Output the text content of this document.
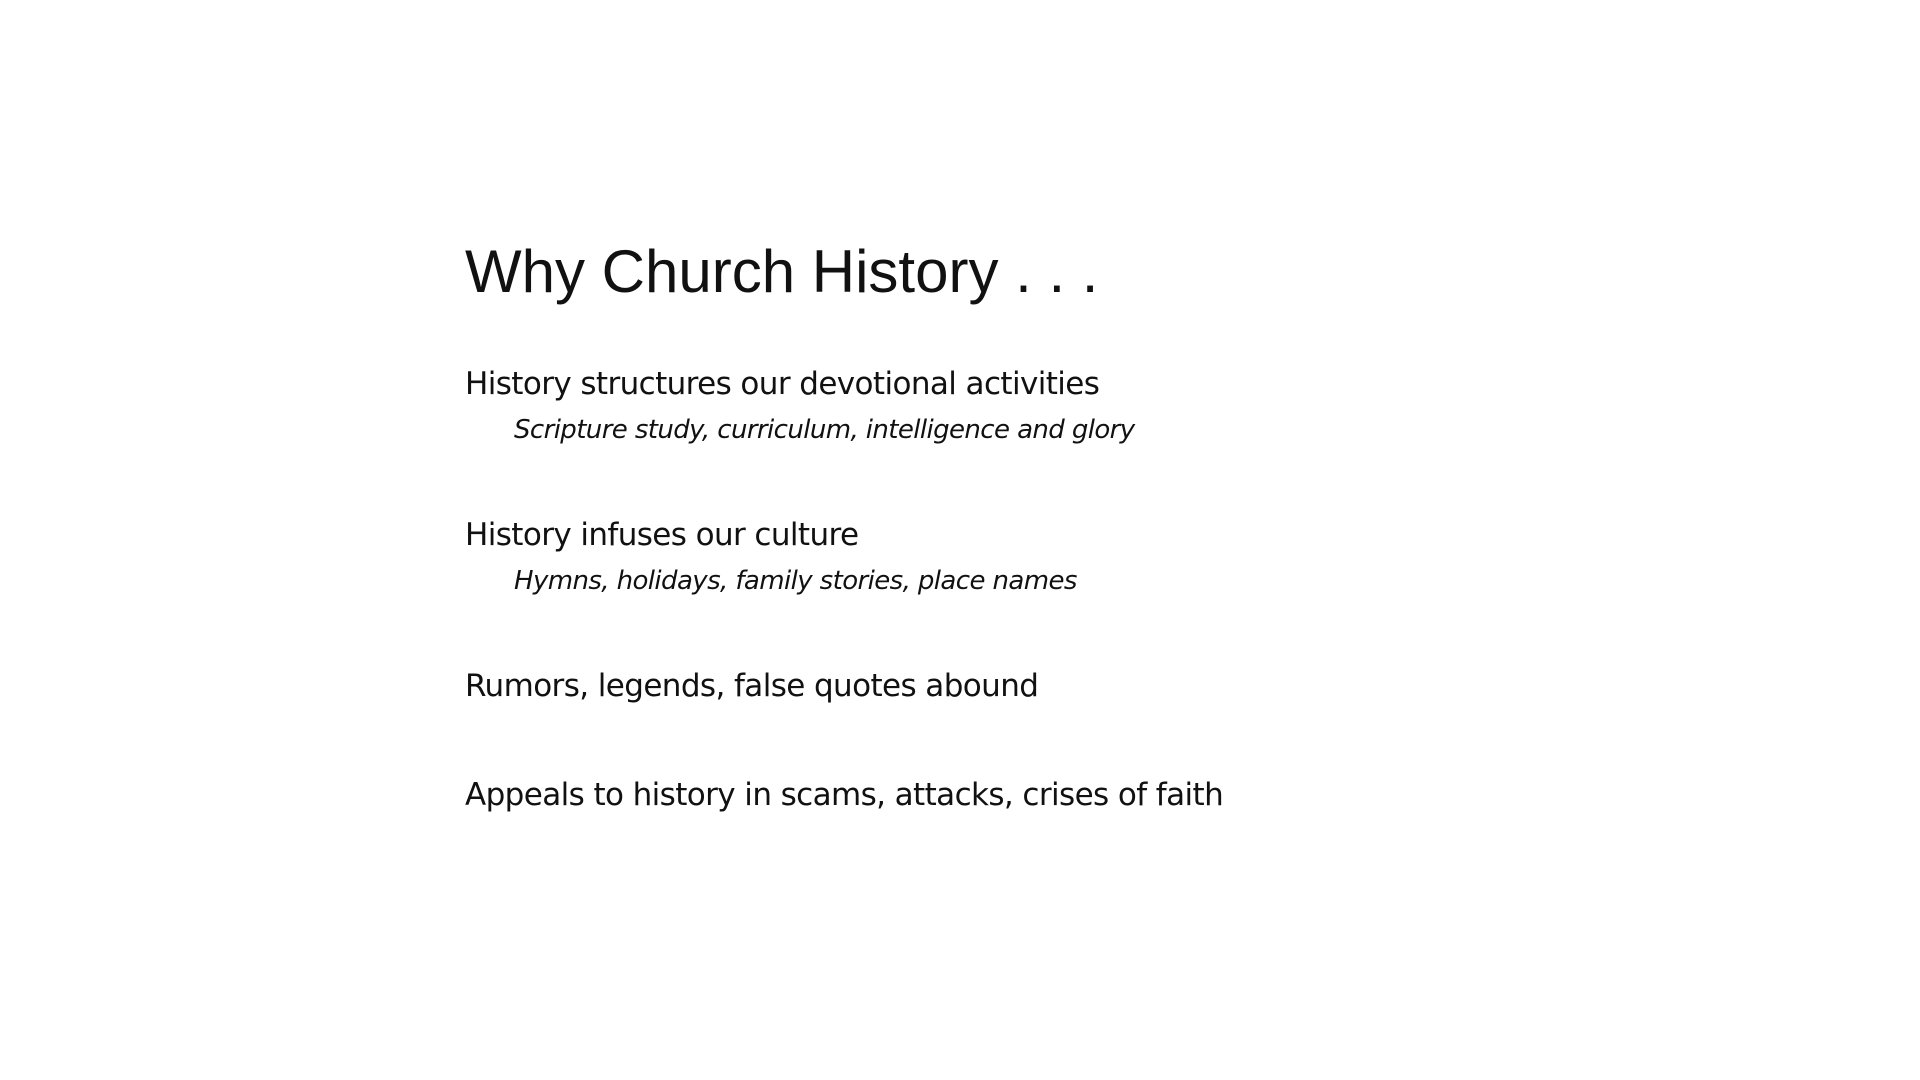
Why Church History . . .
History structures our devotional activities
Scripture study, curriculum, intelligence and glory
History infuses our culture
Hymns, holidays, family stories, place names
Rumors, legends, false quotes abound
Appeals to history in scams, attacks, crises of faith
